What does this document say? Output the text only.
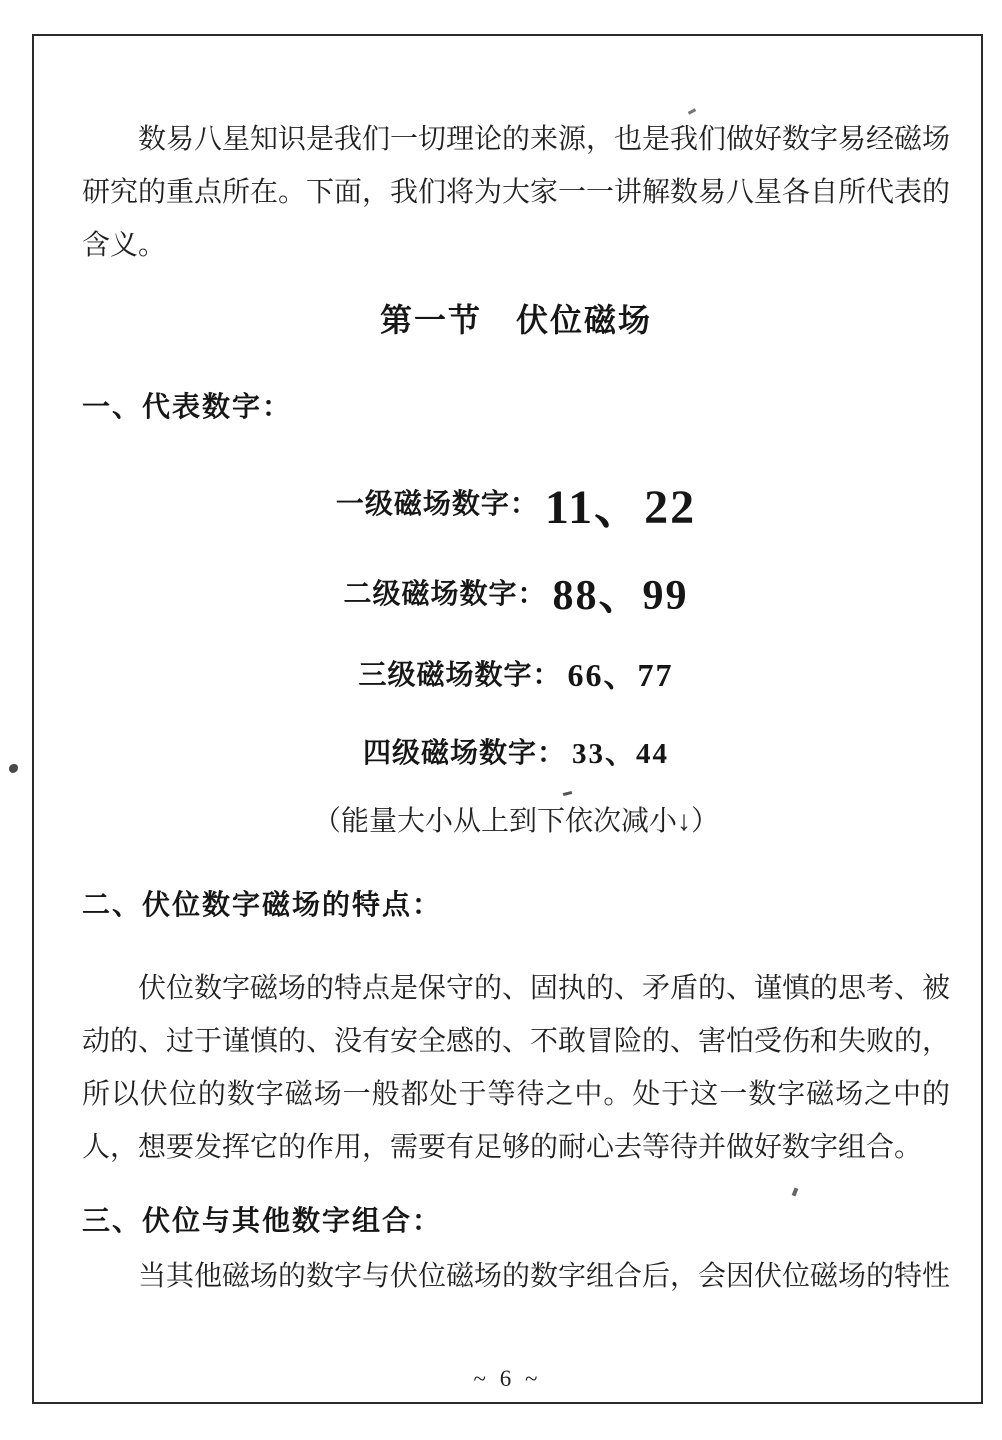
数易八星知识是我们一切理论的来源，也是我们做好数字易经磁场研究的重点所在。下面，我们将为大家一一讲解数易八星各自所代表的含义。

第一节　伏位磁场
一、代表数字：
一级磁场数字： 11、22
二级磁场数字： 88、99
三级磁场数字： 66、77
四级磁场数字： 33、44
（能量大小从上到下依次减小↓）
二、伏位数字磁场的特点：

伏位数字磁场的特点是保守的、固执的、矛盾的、谨慎的思考、被动的、过于谨慎的、没有安全感的、不敢冒险的、害怕受伤和失败的，所以伏位的数字磁场一般都处于等待之中。处于这一数字磁场之中的人，想要发挥它的作用，需要有足够的耐心去等待并做好数字组合。

三、伏位与其他数字组合：

当其他磁场的数字与伏位磁场的数字组合后，会因伏位磁场的特性

~ 6 ~
